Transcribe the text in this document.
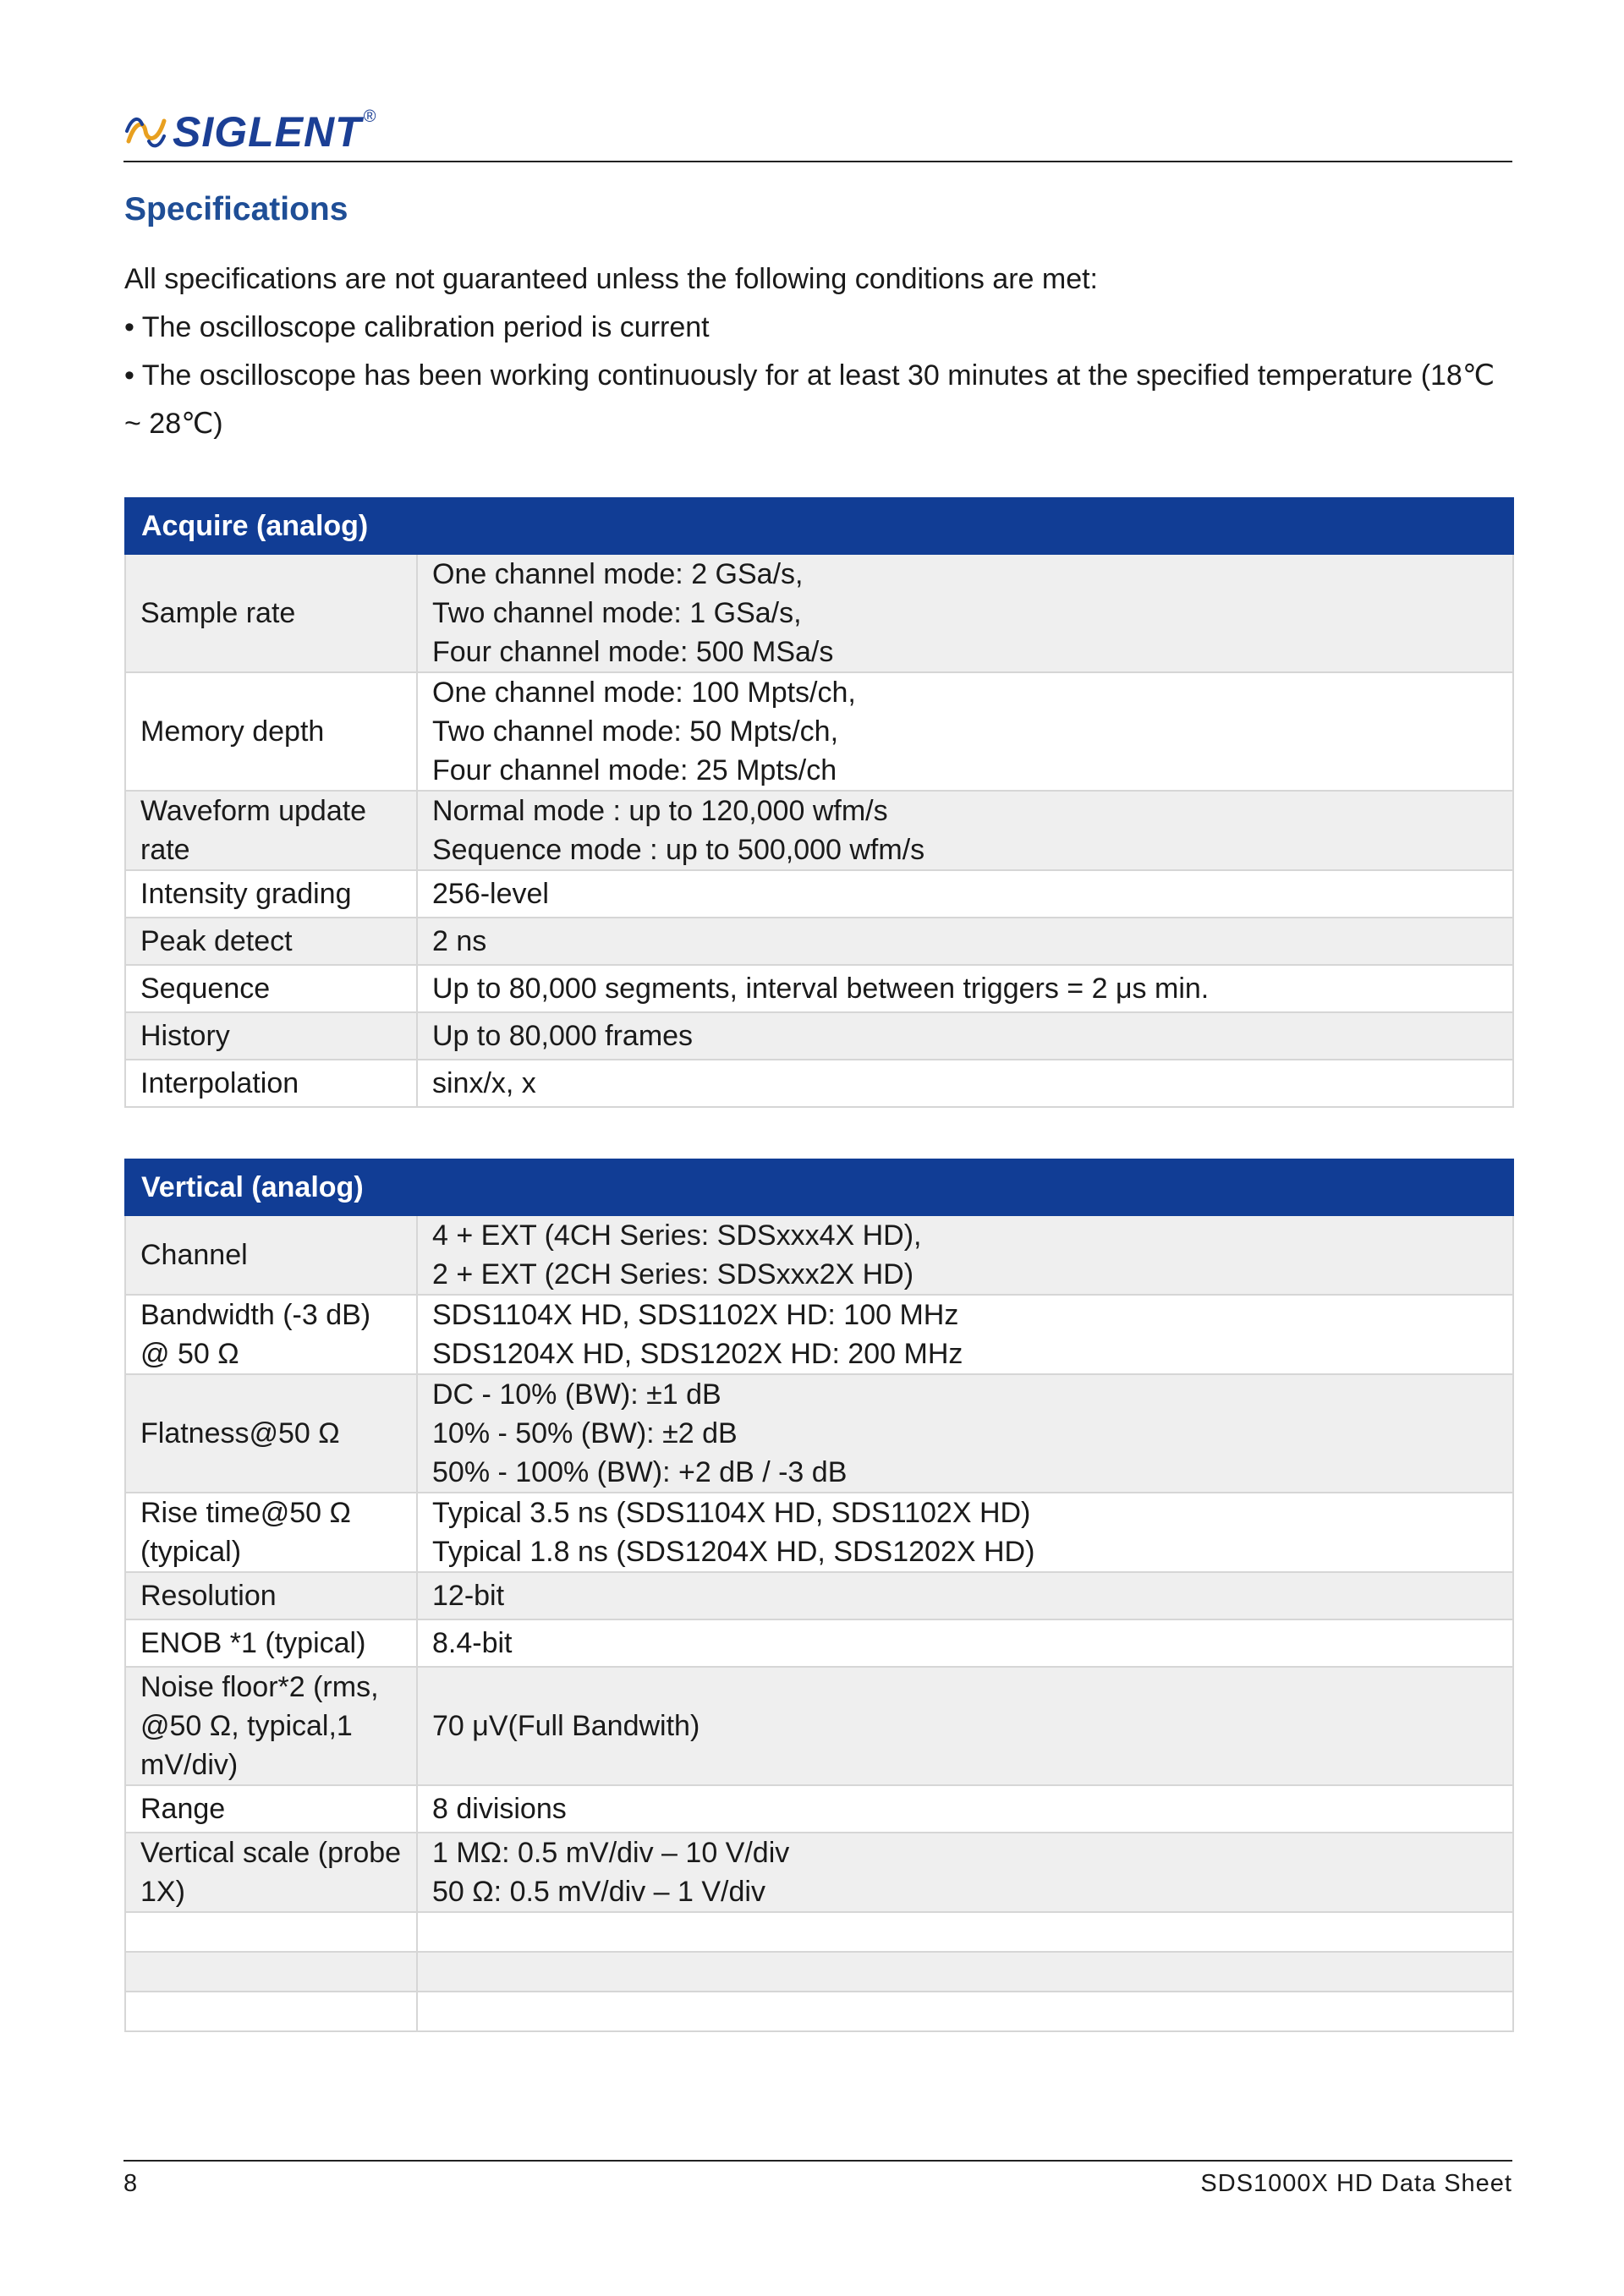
SIGLENT ®
Specifications

All specifications are not guaranteed unless the following conditions are met:

• The oscilloscope calibration period is current

• The oscilloscope has been working continuously for at least 30 minutes at the specified temperature (18℃ ~ 28℃)

Acquire (analog)	
Sample rate	One channel mode: 2 GSa/s,
Two channel mode: 1 GSa/s,
Four channel mode: 500 MSa/s

Memory depth	One channel mode: 100 Mpts/ch,
Two channel mode: 50 Mpts/ch,
Four channel mode: 25 Mpts/ch

Waveform update rate	Normal mode : up to 120,000 wfm/s
Sequence mode : up to 500,000 wfm/s

Intensity grading	256-level

Peak detect	2 ns

Sequence	Up to 80,000 segments, interval between triggers = 2 μs min.

History	Up to 80,000 frames

Interpolation	sinx/x, x
Vertical (analog)	
Channel	4 + EXT (4CH Series: SDSxxx4X HD),
2 + EXT (2CH Series: SDSxxx2X HD)

Bandwidth (-3 dB) @ 50 Ω	SDS1104X HD, SDS1102X HD: 100 MHz
SDS1204X HD, SDS1202X HD: 200 MHz

Flatness@50 Ω	DC - 10% (BW): ±1 dB
10% - 50% (BW): ±2 dB
50% - 100% (BW): +2 dB / -3 dB

Rise time@50 Ω (typical)	Typical 3.5 ns (SDS1104X HD, SDS1102X HD)
Typical 1.8 ns (SDS1204X HD, SDS1202X HD)

Resolution	12-bit

ENOB *1 (typical)	8.4-bit

Noise floor*2 (rms, @50 Ω, typical,1 mV/div)	70 μV(Full Bandwith)

Range	8 divisions

Vertical scale (probe 1X)	1 MΩ: 0.5 mV/div – 10 V/div
50 Ω: 0.5 mV/div – 1 V/div

8	SDS1000X HD Data Sheet
